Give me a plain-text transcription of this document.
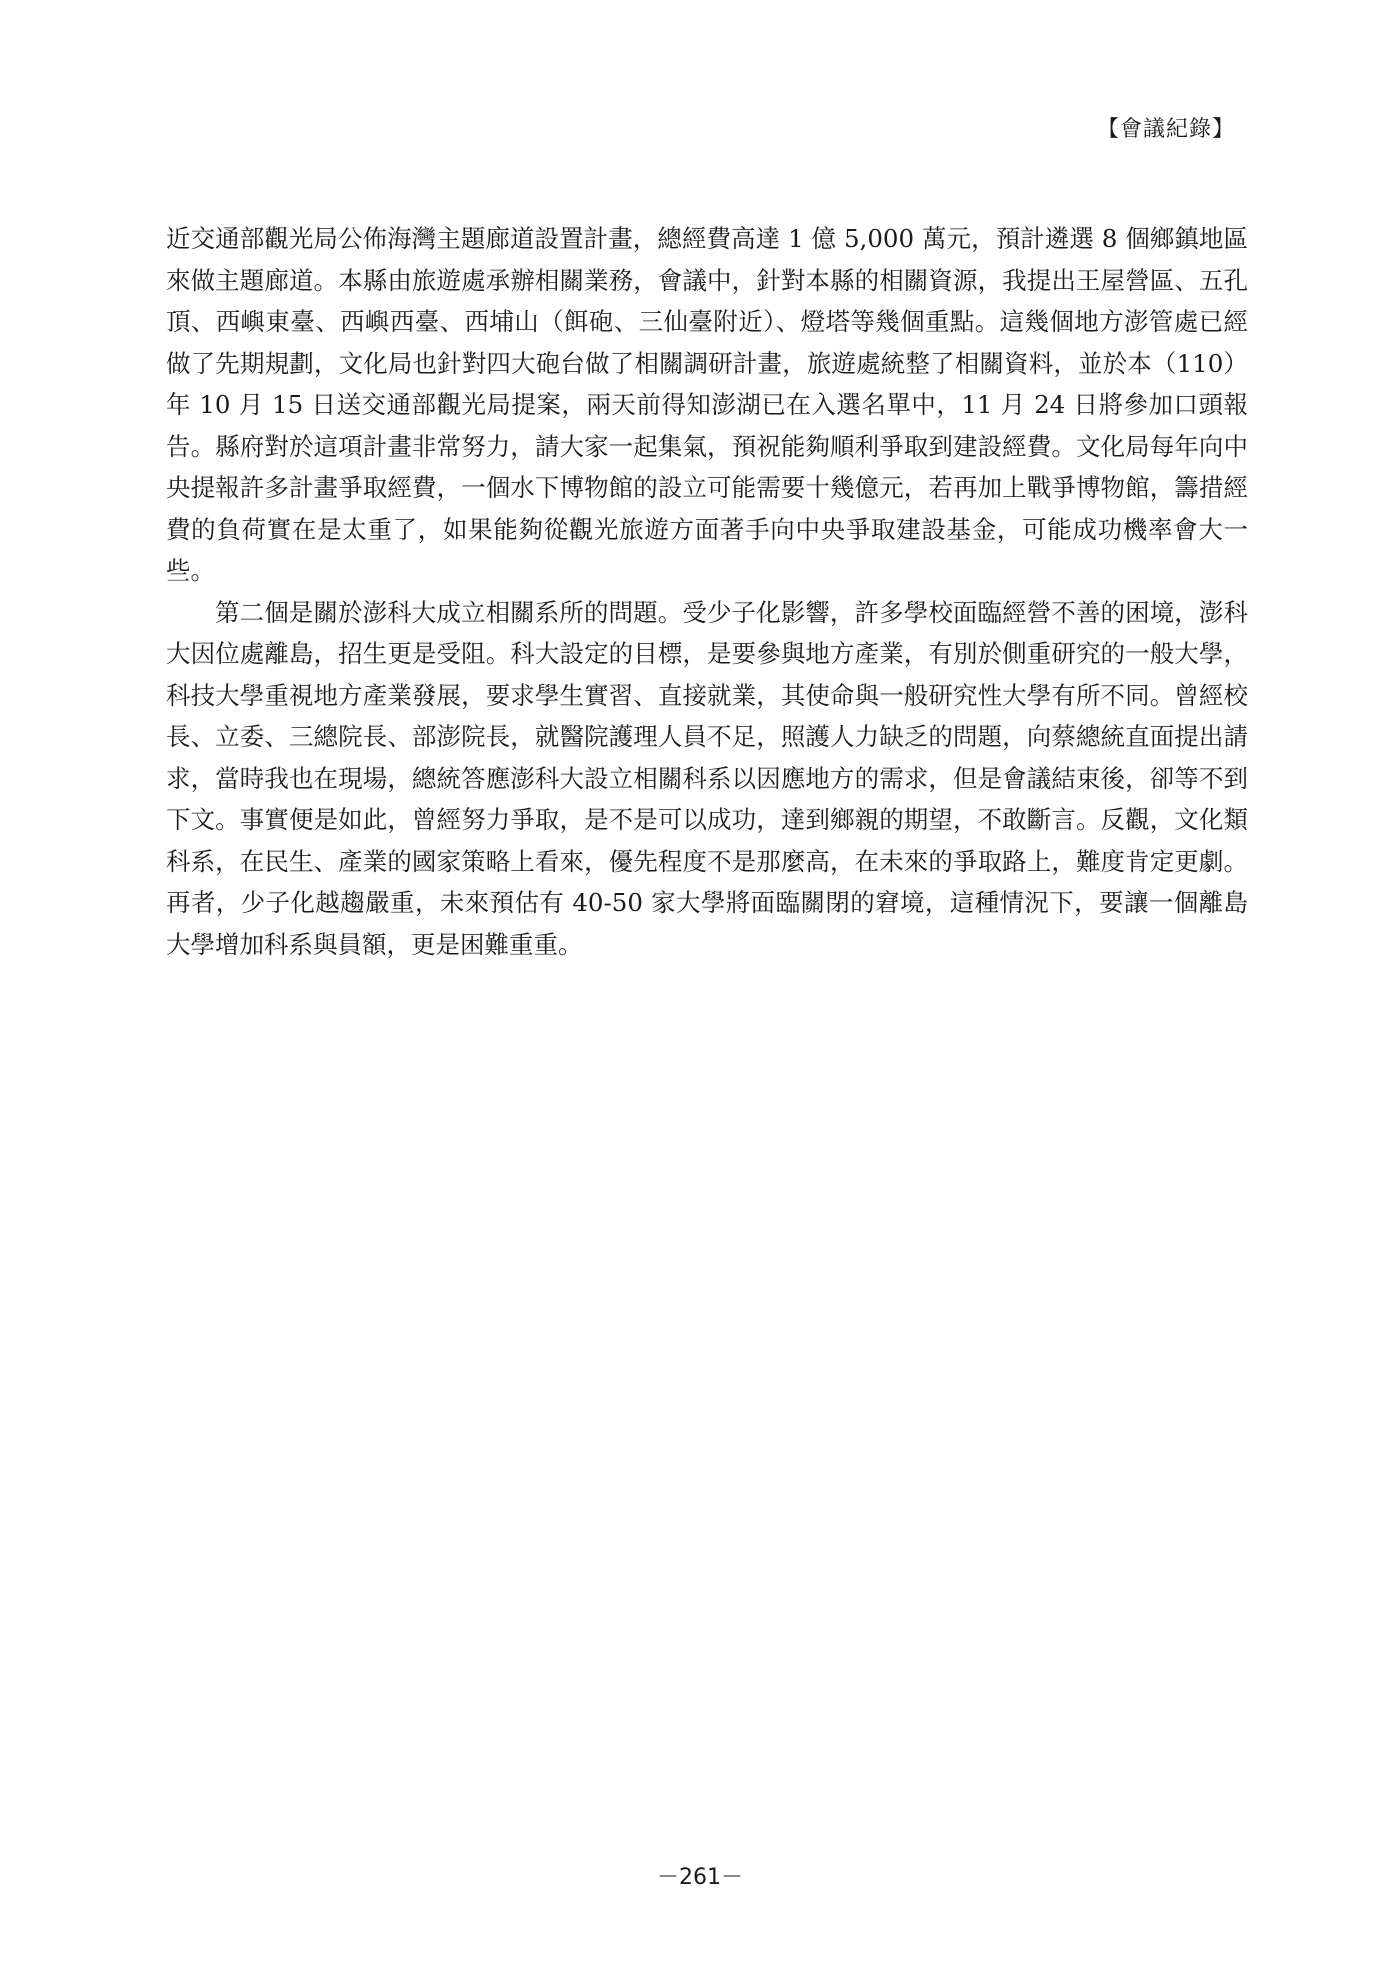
【會議紀錄】

近交通部觀光局公佈海灣主題廊道設置計畫，總經費高達 1 億 5,000 萬元，預計遴選 8 個鄉鎮地區來做主題廊道。本縣由旅遊處承辦相關業務，會議中，針對本縣的相關資源，我提出王屋營區、五孔頂、西嶼東臺、西嶼西臺、西埔山（餌砲、三仙臺附近）、燈塔等幾個重點。這幾個地方澎管處已經做了先期規劃，文化局也針對四大砲台做了相關調研計畫，旅遊處統整了相關資料，並於本（110）年 10 月 15 日送交通部觀光局提案，兩天前得知澎湖已在入選名單中，11 月 24 日將參加口頭報告。縣府對於這項計畫非常努力，請大家一起集氣，預祝能夠順利爭取到建設經費。文化局每年向中央提報許多計畫爭取經費，一個水下博物館的設立可能需要十幾億元，若再加上戰爭博物館，籌措經費的負荷實在是太重了，如果能夠從觀光旅遊方面著手向中央爭取建設基金，可能成功機率會大一些。

第二個是關於澎科大成立相關系所的問題。受少子化影響，許多學校面臨經營不善的困境，澎科大因位處離島，招生更是受阻。科大設定的目標，是要參與地方產業，有別於側重研究的一般大學，科技大學重視地方產業發展，要求學生實習、直接就業，其使命與一般研究性大學有所不同。曾經校長、立委、三總院長、部澎院長，就醫院護理人員不足，照護人力缺乏的問題，向蔡總統直面提出請求，當時我也在現場，總統答應澎科大設立相關科系以因應地方的需求，但是會議結束後，卻等不到下文。事實便是如此，曾經努力爭取，是不是可以成功，達到鄉親的期望，不敢斷言。反觀，文化類科系，在民生、產業的國家策略上看來，優先程度不是那麼高，在未來的爭取路上，難度肯定更劇。再者，少子化越趨嚴重，未來預估有 40-50 家大學將面臨關閉的窘境，這種情況下，要讓一個離島大學增加科系與員額，更是困難重重。

－261－
